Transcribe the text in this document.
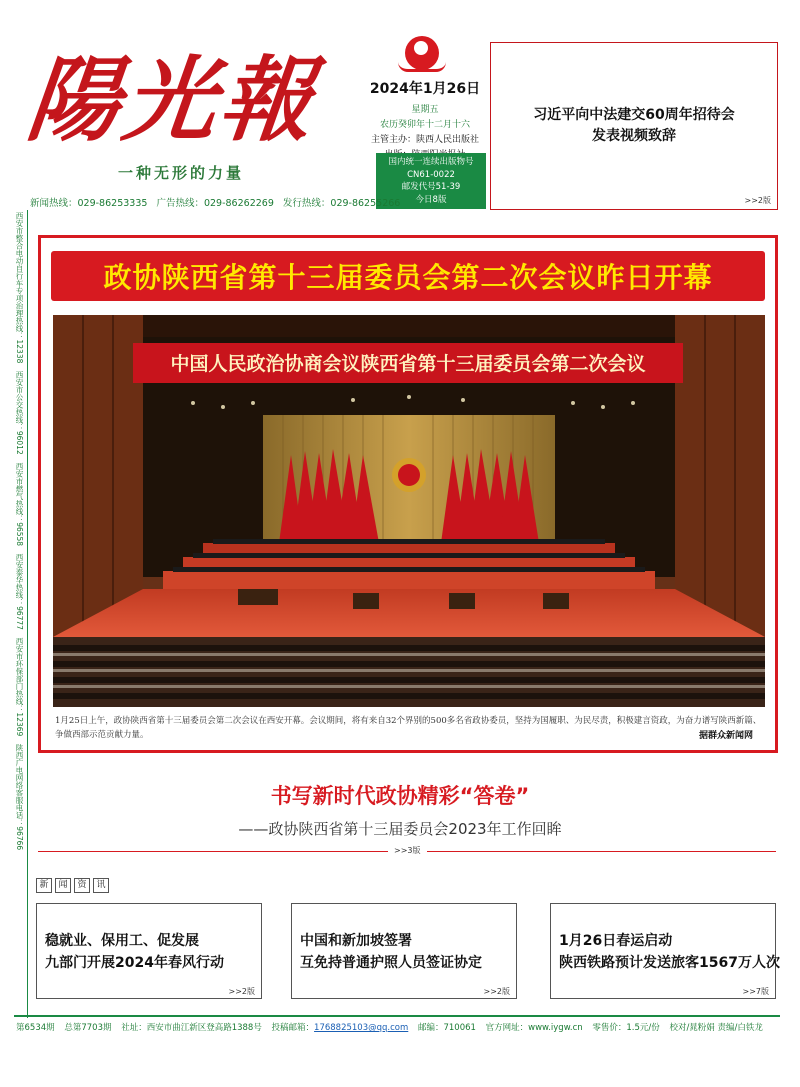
陽光報
一种无形的力量
2024年1月26日
星期五
农历癸卯年十二月十六
主管主办：陕西人民出版社
国内统一连续出版物号
CN61-0022
邮发代号51-39
今日8版
习近平向中法建交60周年招待会
发表视频致辞
>>2版
新闻热线：029-86253335 广告热线：029-86262269 发行热线：029-86255266
西安市整合电动自行车专项治理热线：12338　西安市公交热线：96012　西安市燃气热线：96558　西安泰华热线：96777　西安市环保部门热线：12369　陕西广电网络客服电话：96766	政协陕西省第十三届委员会第二次会议昨日开幕
中国人民政治协商会议陕西省第十三届委员会第二次会议
1月25日上午，政协陕西省第十三届委员会第二次会议在西安开幕。会议期间，将有来自32个界别的500多名省政协委员，坚持为国履职、为民尽责，积极建言资政，为奋力谱写陕西新篇、争做西部示范贡献力量。	据群众新闻网
书写新时代政协精彩“答卷”
——政协陕西省第十三届委员会2023年工作回眸
>>3版
新	闻	资	讯
稳就业、保用工、促发展
九部门开展2024年春风行动
>>2版
中国和新加坡签署
互免持普通护照人员签证协定
>>2版
1月26日春运启动
陕西铁路预计发送旅客1567万人次
>>7版
第6534期 总第7703期 社址：西安市曲江新区登高路1388号 投稿邮箱：1768825103@qq.com 邮编：710061 官方网址：www.iygw.cn 零售价：1.5元/份 校对/晁粉娟 责编/白铁龙
